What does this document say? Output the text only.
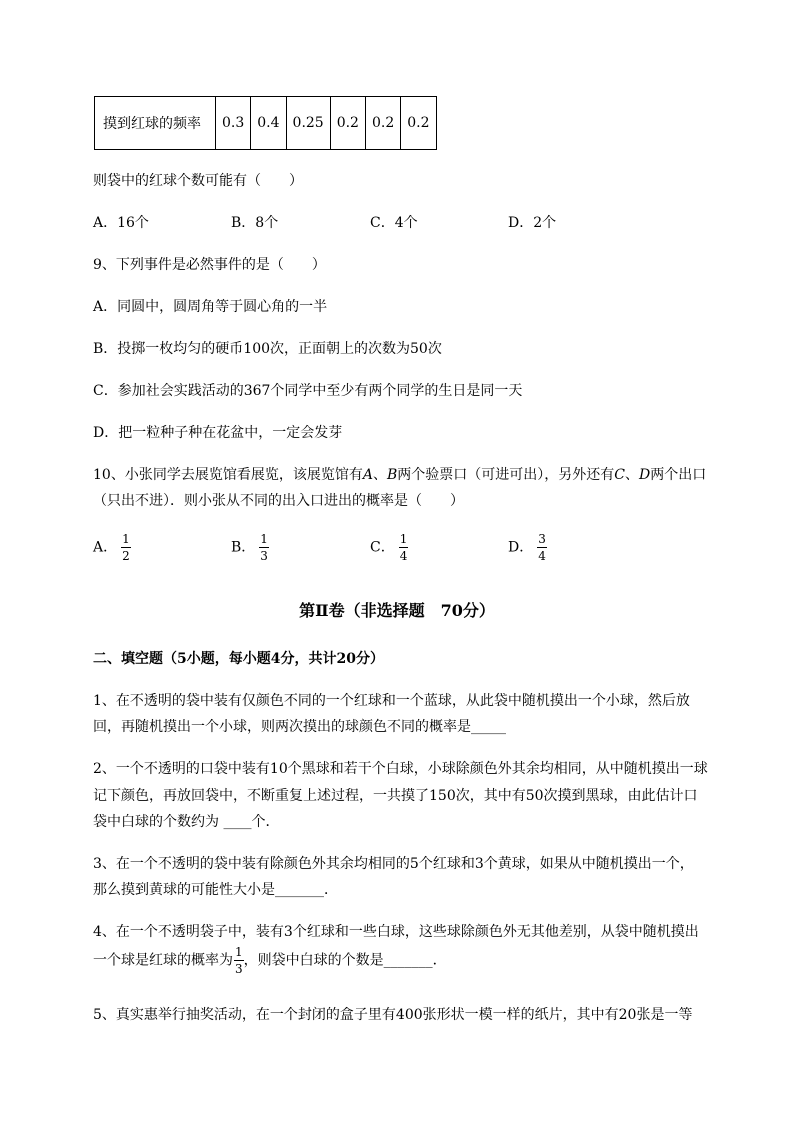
摸到红球的频率	0.3	0.4	0.25	0.2	0.2	0.2
则袋中的红球个数可能有（　　）
A．16个	B．8个	C．4个	D．2个
9、下列事件是必然事件的是（　　）
A．同圆中，圆周角等于圆心角的一半
B．投掷一枚均匀的硬币100次，正面朝上的次数为50次
C．参加社会实践活动的367个同学中至少有两个同学的生日是同一天
D．把一粒种子种在花盆中，一定会发芽
10、小张同学去展览馆看展览，该展览馆有A、B两个验票口（可进可出），另外还有C、D两个出口
（只出不进）．则小张从不同的出入口进出的概率是（　　）
A． $\frac{1}{2}$	B． $\frac{1}{3}$	C． $\frac{1}{4}$	D． $\frac{3}{4}$
第Ⅱ卷（非选择题　70分）
二、填空题（5小题，每小题4分，共计20分）
1、在不透明的袋中装有仅颜色不同的一个红球和一个蓝球，从此袋中随机摸出一个小球，然后放
回，再随机摸出一个小球，则两次摸出的球颜色不同的概率是_____
2、一个不透明的口袋中装有10个黑球和若干个白球，小球除颜色外其余均相同，从中随机摸出一球
记下颜色，再放回袋中，不断重复上述过程，一共摸了150次，其中有50次摸到黑球，由此估计口
袋中白球的个数约为 ____个．
3、在一个不透明的袋中装有除颜色外其余均相同的5个红球和3个黄球，如果从中随机摸出一个，
那么摸到黄球的可能性大小是_______．
4、在一个不透明袋子中，装有3个红球和一些白球，这些球除颜色外无其他差别，从袋中随机摸出
一个球是红球的概率为 $\frac{1}{3}$ ，则袋中白球的个数是_______．
5、真实惠举行抽奖活动，在一个封闭的盒子里有400张形状一模一样的纸片，其中有20张是一等
